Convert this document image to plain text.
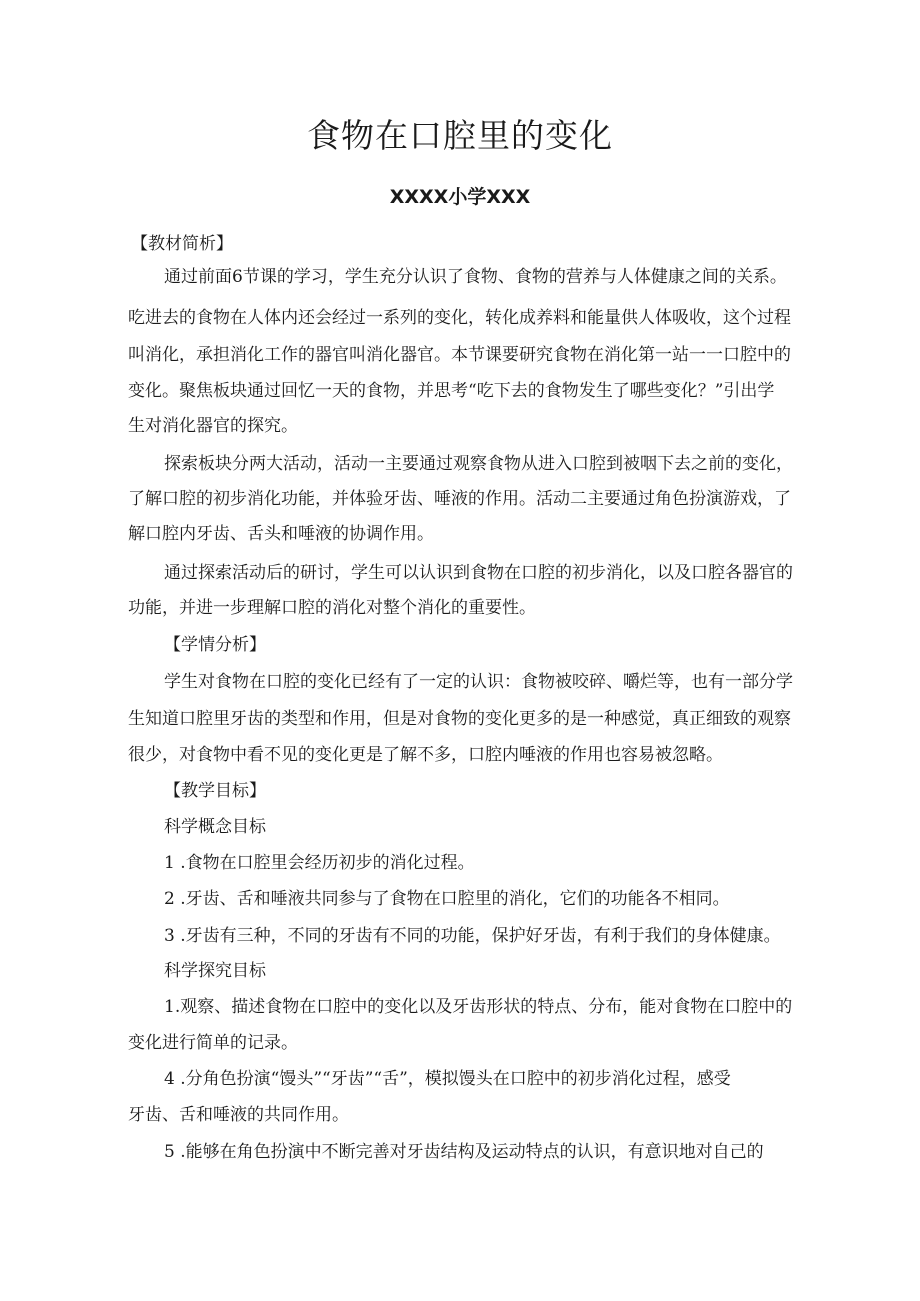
食物在口腔里的变化
XXXX小学XXX
【教材简析】
通过前面6节课的学习，学生充分认识了食物、食物的营养与人体健康之间的关系。
吃进去的食物在人体内还会经过一系列的变化，转化成养料和能量供人体吸收，这个过程
叫消化，承担消化工作的器官叫消化器官。本节课要研究食物在消化第一站一一口腔中的
变化。聚焦板块通过回忆一天的食物，并思考“吃下去的食物发生了哪些变化？”引出学
生对消化器官的探究。
探索板块分两大活动，活动一主要通过观察食物从进入口腔到被咽下去之前的变化，
了解口腔的初步消化功能，并体验牙齿、唾液的作用。活动二主要通过角色扮演游戏，了
解口腔内牙齿、舌头和唾液的协调作用。
通过探索活动后的研讨，学生可以认识到食物在口腔的初步消化，以及口腔各器官的
功能，并进一步理解口腔的消化对整个消化的重要性。
【学情分析】
学生对食物在口腔的变化已经有了一定的认识：食物被咬碎、嚼烂等，也有一部分学
生知道口腔里牙齿的类型和作用，但是对食物的变化更多的是一种感觉，真正细致的观察
很少，对食物中看不见的变化更是了解不多，口腔内唾液的作用也容易被忽略。
【教学目标】
科学概念目标
1 .食物在口腔里会经历初步的消化过程。
2 .牙齿、舌和唾液共同参与了食物在口腔里的消化，它们的功能各不相同。
3 .牙齿有三种，不同的牙齿有不同的功能，保护好牙齿，有利于我们的身体健康。
科学探究目标
1.观察、描述食物在口腔中的变化以及牙齿形状的特点、分布，能对食物在口腔中的
变化进行简单的记录。
4 .分角色扮演“馒头”“牙齿”“舌”，模拟馒头在口腔中的初步消化过程，感受
牙齿、舌和唾液的共同作用。
5 .能够在角色扮演中不断完善对牙齿结构及运动特点的认识，有意识地对自己的
